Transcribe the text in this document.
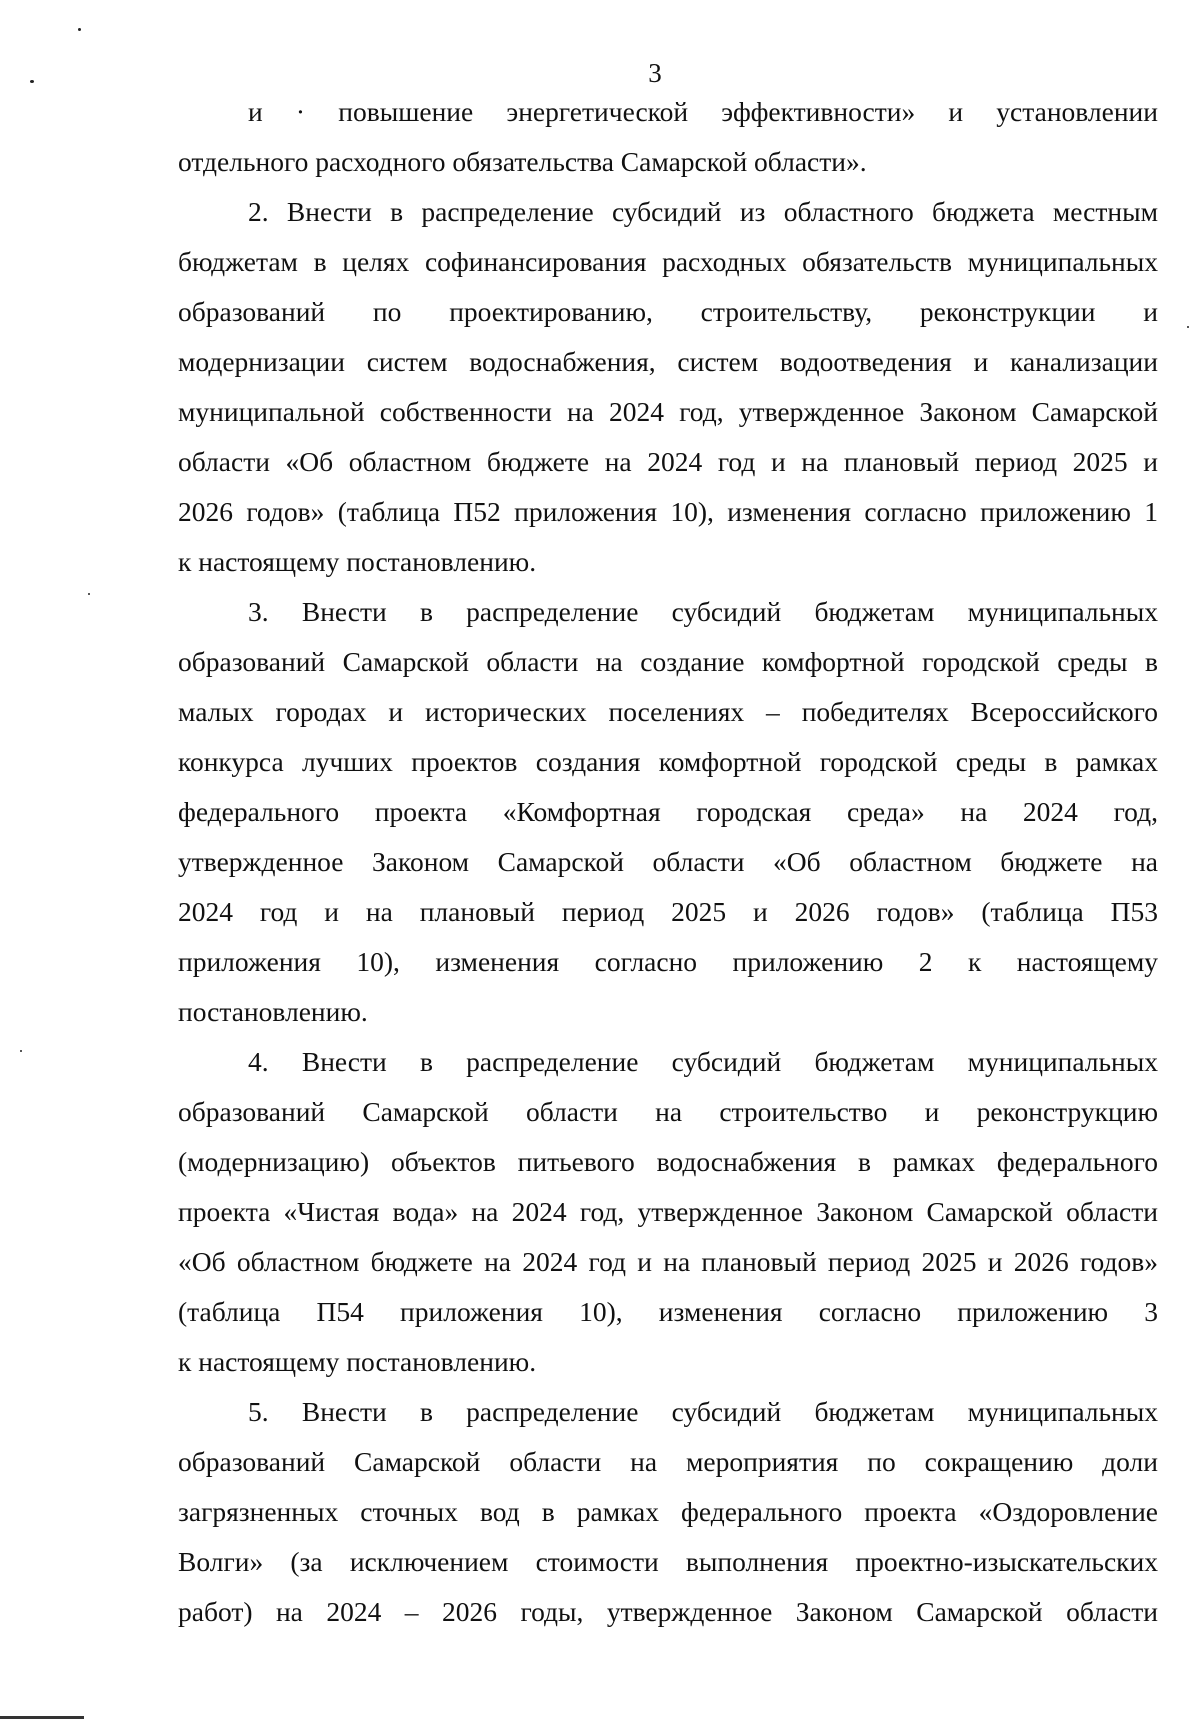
3
и · повышение энергетической эффективности» и установлении
отдельного расходного обязательства Самарской области».
2. Внести в распределение субсидий из областного бюджета местным
бюджетам в целях софинансирования расходных обязательств муниципальных
образований по проектированию, строительству, реконструкции и
модернизации систем водоснабжения, систем водоотведения и канализации
муниципальной собственности на 2024 год, утвержденное Законом Самарской
области «Об областном бюджете на 2024 год и на плановый период 2025 и
2026 годов» (таблица П52 приложения 10), изменения согласно приложению 1
к настоящему постановлению.
3. Внести в распределение субсидий бюджетам муниципальных
образований Самарской области на создание комфортной городской среды в
малых городах и исторических поселениях – победителях Всероссийского
конкурса лучших проектов создания комфортной городской среды в рамках
федерального проекта «Комфортная городская среда» на 2024 год,
утвержденное Законом Самарской области «Об областном бюджете на
2024 год и на плановый период 2025 и 2026 годов» (таблица П53
приложения 10), изменения согласно приложению 2 к настоящему
постановлению.
4. Внести в распределение субсидий бюджетам муниципальных
образований Самарской области на строительство и реконструкцию
(модернизацию) объектов питьевого водоснабжения в рамках федерального
проекта «Чистая вода» на 2024 год, утвержденное Законом Самарской области
«Об областном бюджете на 2024 год и на плановый период 2025 и 2026 годов»
(таблица П54 приложения 10), изменения согласно приложению 3
к настоящему постановлению.
5. Внести в распределение субсидий бюджетам муниципальных
образований Самарской области на мероприятия по сокращению доли
загрязненных сточных вод в рамках федерального проекта «Оздоровление
Волги» (за исключением стоимости выполнения проектно-изыскательских
работ) на 2024 – 2026 годы, утвержденное Законом Самарской области
